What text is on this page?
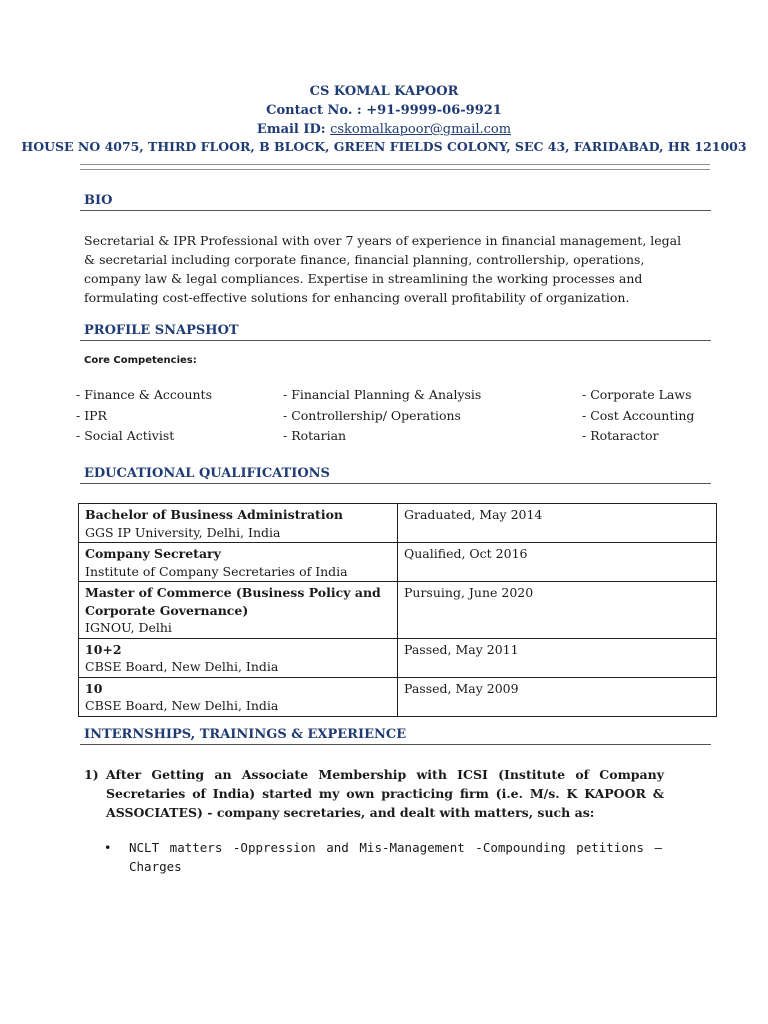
CS KOMAL KAPOOR
Contact No. : +91-9999-06-9921
Email ID: cskomalkapoor@gmail.com
HOUSE NO 4075, THIRD FLOOR, B BLOCK, GREEN FIELDS COLONY, SEC 43, FARIDABAD, HR 121003
BIO
Secretarial & IPR Professional with over 7 years of experience in financial management, legal & secretarial including corporate finance, financial planning, controllership, operations, company law & legal compliances. Expertise in streamlining the working processes and formulating cost-effective solutions for enhancing overall profitability of organization.
PROFILE SNAPSHOT
Core Competencies:
- Finance & Accounts
- IPR
- Social Activist
- Financial Planning & Analysis
- Controllership/ Operations
- Rotarian
- Corporate Laws
- Cost Accounting
- Rotaractor
EDUCATIONAL QUALIFICATIONS
Bachelor of Business Administration
GGS IP University, Delhi, India	Graduated, May 2014

Company Secretary
Institute of Company Secretaries of India	Qualified, Oct 2016

Master of Commerce (Business Policy and Corporate Governance)
IGNOU, Delhi	Pursuing, June 2020

10+2
CBSE Board, New Delhi, India	Passed, May 2011

10
CBSE Board, New Delhi, India	Passed, May 2009
INTERNSHIPS, TRAININGS & EXPERIENCE
1) After Getting an Associate Membership with ICSI (Institute of Company Secretaries of India) started my own practicing firm (i.e. M/s. K KAPOOR & ASSOCIATES) - company secretaries, and dealt with matters, such as:
• NCLT matters -Oppression and Mis-Management -Compounding petitions – Charges
